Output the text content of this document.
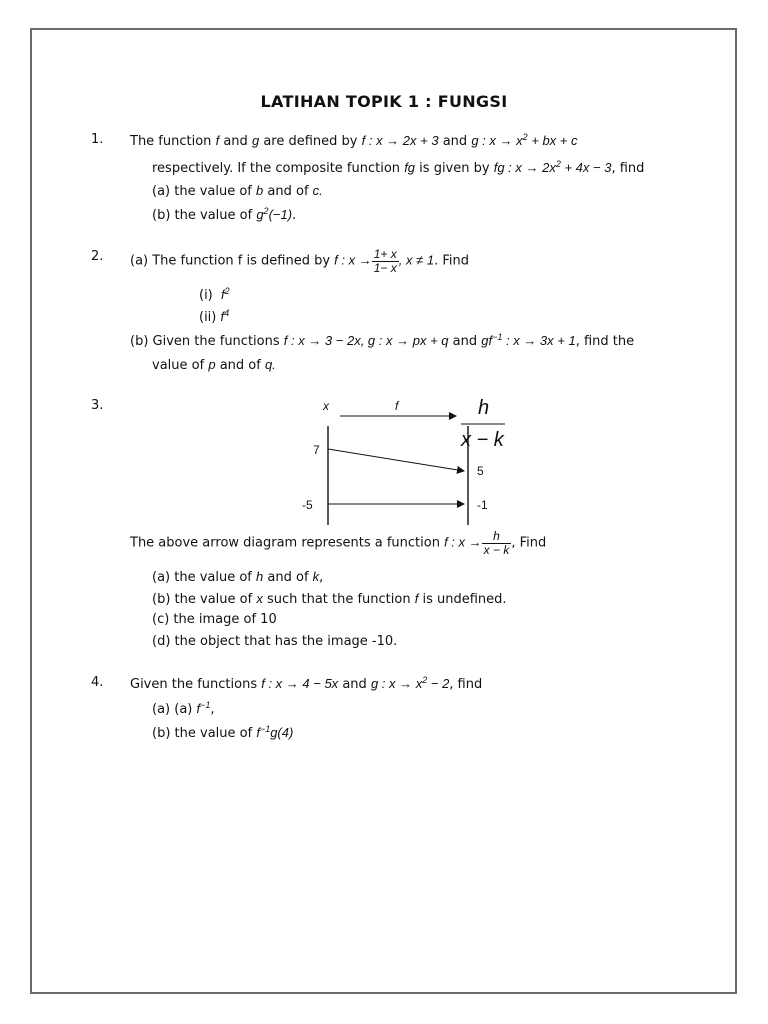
LATIHAN TOPIK 1 : FUNGSI
1. The function f and g are defined by f : x → 2x + 3 and g : $x \to x^2$ + bx + c
respectively. If the composite function fg is given by fg : $x \to 2x^2 + 4x - 3$, find
(a) the value of b and of c.
(b) the value of $g^2(-1)$.
2. (a) The function f is defined by f : $x \to \frac{1+ x}{1- x}$ , x ≠ 1. Find
(i) $f^2$
(ii) $f^4$
(b) Given the functions f : x → 3 − 2x, g : x → px + q and $gf^{-1}$ : x → 3x + 1, find the
value of p and of q.
3.	x	f	h
x − k
7
-5
5
-1
The above arrow diagram represents a function f : $x \to \frac{h}{x - k}$ , Find
(a) the value of h and of k,
(b) the value of x such that the function f is undefined.
(c) the image of 10
(d) the object that has the image -10.
4. Given the functions f : x → 4 − 5x and g : $x \to x^2 - 2$, find
(a) (a) $f^{-1}$,
(b) the value of $f^{-1}g(4)$
